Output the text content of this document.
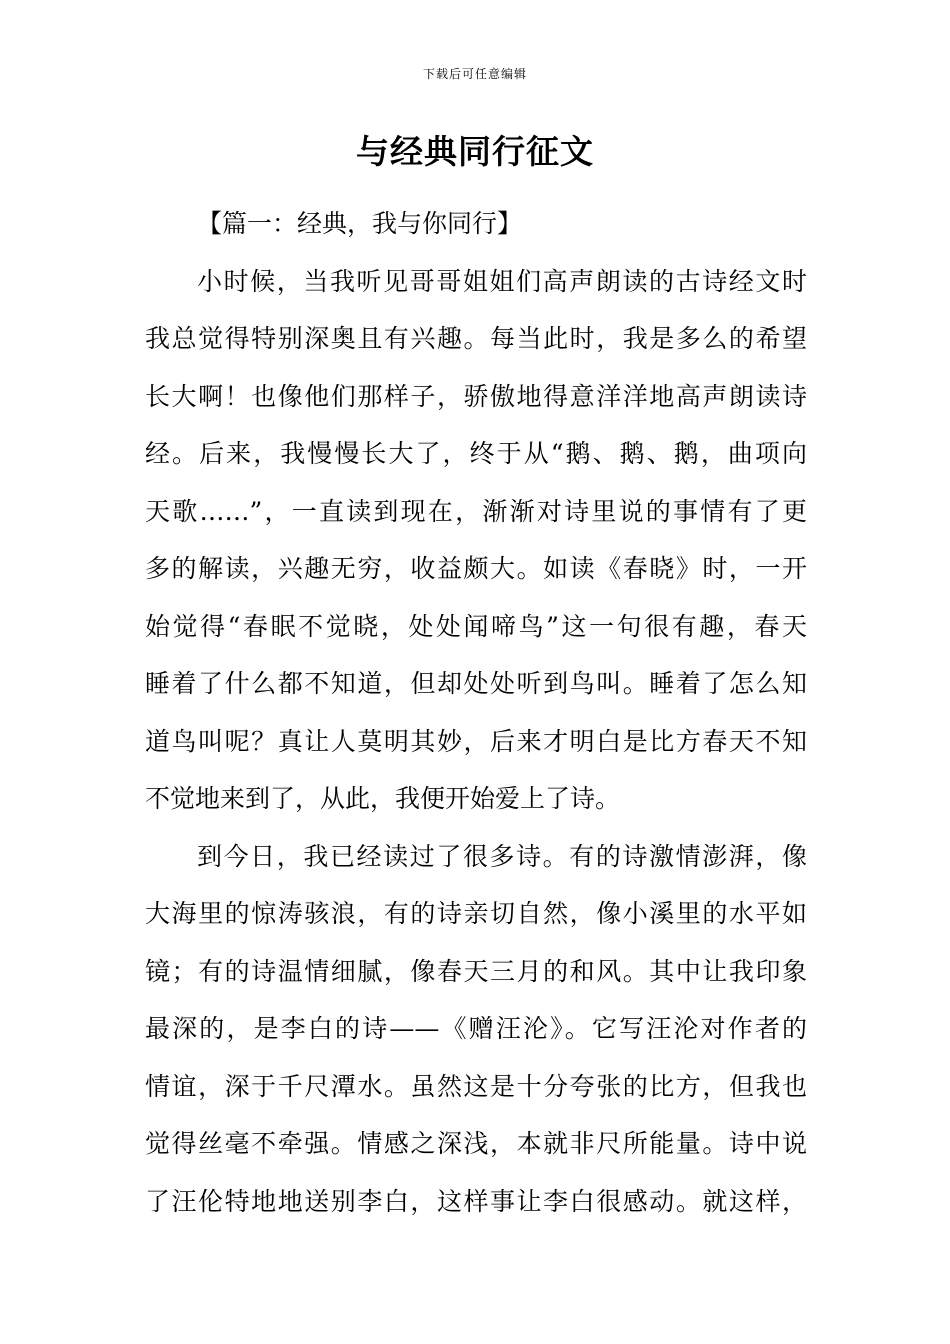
下载后可任意编辑
与经典同行征文
【篇一：经典，我与你同行】
小时候，当我听见哥哥姐姐们高声朗读的古诗经文时
我总觉得特别深奥且有兴趣。每当此时，我是多么的希望
长大啊！也像他们那样子，骄傲地得意洋洋地高声朗读诗
经。后来，我慢慢长大了，终于从“鹅、鹅、鹅，曲项向
天歌……”，一直读到现在，渐渐对诗里说的事情有了更
多的解读，兴趣无穷，收益颇大。如读《春晓》时，一开
始觉得“春眠不觉晓，处处闻啼鸟”这一句很有趣，春天
睡着了什么都不知道，但却处处听到鸟叫。睡着了怎么知
道鸟叫呢？真让人莫明其妙，后来才明白是比方春天不知
不觉地来到了，从此，我便开始爱上了诗。
到今日，我已经读过了很多诗。有的诗激情澎湃，像
大海里的惊涛骇浪，有的诗亲切自然，像小溪里的水平如
镜；有的诗温情细腻，像春天三月的和风。其中让我印象
最深的，是李白的诗——《赠汪沦》。它写汪沦对作者的
情谊，深于千尺潭水。虽然这是十分夸张的比方，但我也
觉得丝毫不牵强。情感之深浅，本就非尺所能量。诗中说
了汪伦特地地送别李白，这样事让李白很感动。就这样，
